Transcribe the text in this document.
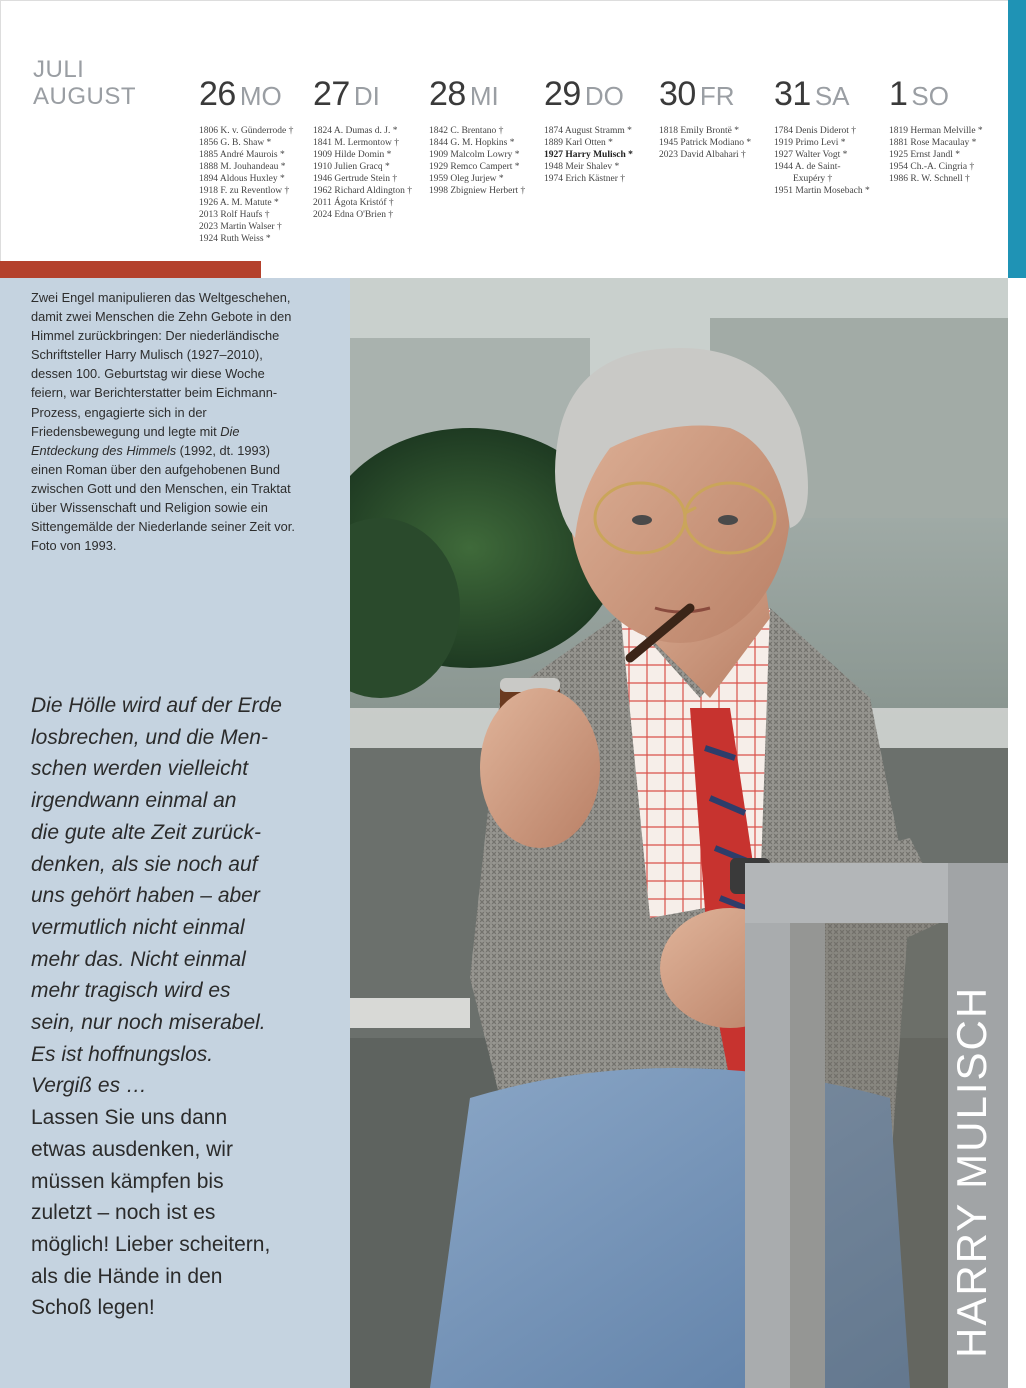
JULI
AUGUST 26 MO
1806 K. v. Günderrode †
1856 G. B. Shaw *
1885 André Maurois *
1888 M. Jouhandeau *
1894 Aldous Huxley *
1918 F. zu Reventlow †
1926 A. M. Matute *
2013 Rolf Haufs †
2023 Martin Walser †
1924 Ruth Weiss *
27 DI
1824 A. Dumas d. J. *
1841 M. Lermontow †
1909 Hilde Domin *
1910 Julien Gracq *
1946 Gertrude Stein †
1962 Richard Aldington †
2011 Ágota Kristóf †
2024 Edna O'Brien †
28 MI
1842 C. Brentano †
1844 G. M. Hopkins *
1909 Malcolm Lowry *
1929 Remco Campert *
1959 Oleg Jurjew *
1998 Zbigniew Herbert †
29 DO
1874 August Stramm *
1889 Karl Otten *
1927 Harry Mulisch *
1948 Meir Shalev *
1974 Erich Kästner †
30 FR
1818 Emily Brontë *
1945 Patrick Modiano *
2023 David Albahari †
31 SA
1784 Denis Diderot †
1919 Primo Levi *
1927 Walter Vogt *
1944 A. de Saint-
Exupéry †
1951 Martin Mosebach *
1 SO
1819 Herman Melville *
1881 Rose Macaulay *
1925 Ernst Jandl *
1954 Ch.-A. Cingria †
1986 R. W. Schnell †
Zwei Engel manipulieren das Weltgeschehen, damit zwei Menschen die Zehn Gebote in den Himmel zurückbringen: Der niederländische Schriftsteller Harry Mulisch (1927–2010), dessen 100. Geburtstag wir diese Woche feiern, war Berichterstatter beim Eichmann-Prozess, engagierte sich in der Friedensbewegung und legte mit Die Entdeckung des Himmels (1992, dt. 1993) einen Roman über den aufgehobenen Bund zwischen Gott und den Menschen, ein Traktat über Wissenschaft und Religion sowie ein Sittengemälde der Niederlande seiner Zeit vor.
Foto von 1993.
Die Hölle wird auf der Erde
losbrechen, und die Men-
schen werden vielleicht
irgendwann einmal an
die gute alte Zeit zurück-
denken, als sie noch auf
uns gehört haben – aber
vermutlich nicht einmal
mehr das. Nicht einmal
mehr tragisch wird es
sein, nur noch miserabel.
Es ist hoffnungslos.
Vergiß es …
Lassen Sie uns dann
etwas ausdenken, wir
müssen kämpfen bis
zuletzt – noch ist es
möglich! Lieber scheitern,
als die Hände in den
Schoß legen!	HARRY MULISCH
